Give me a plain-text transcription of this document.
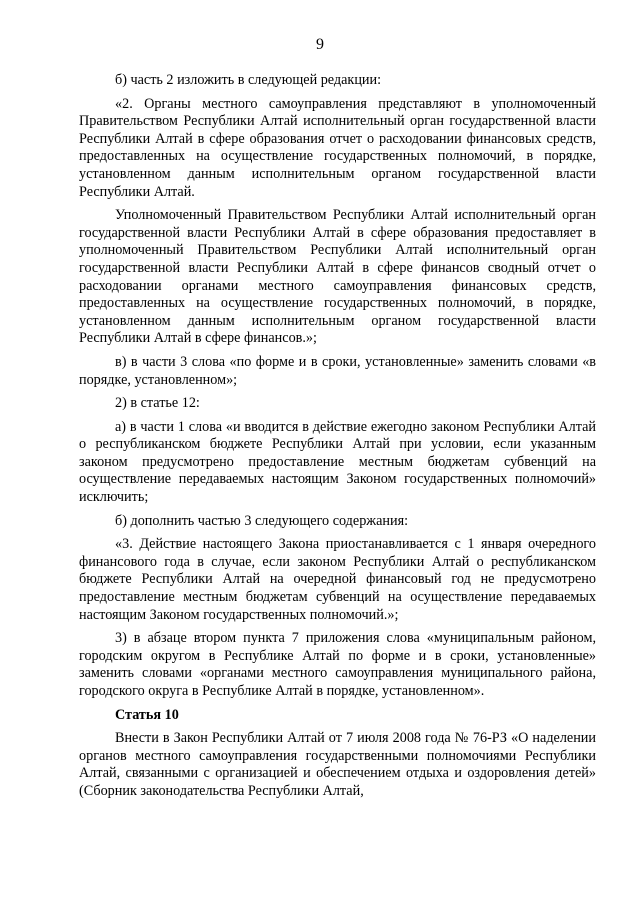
9

б) часть 2 изложить в следующей редакции:

«2. Органы местного самоуправления представляют в уполномоченный Правительством Республики Алтай исполнительный орган государственной власти Республики Алтай в сфере образования отчет о расходовании финансовых средств, предоставленных на осуществление государственных полномочий, в порядке, установленном данным исполнительным органом государственной власти Республики Алтай.

Уполномоченный Правительством Республики Алтай исполнительный орган государственной власти Республики Алтай в сфере образования предоставляет в уполномоченный Правительством Республики Алтай исполнительный орган государственной власти Республики Алтай в сфере финансов сводный отчет о расходовании органами местного самоуправления финансовых средств, предоставленных на осуществление государственных полномочий, в порядке, установленном данным исполнительным органом государственной власти Республики Алтай в сфере финансов.»;

в) в части 3 слова «по форме и в сроки, установленные» заменить словами «в порядке, установленном»;

2) в статье 12:

а) в части 1 слова «и вводится в действие ежегодно законом Республики Алтай о республиканском бюджете Республики Алтай при условии, если указанным законом предусмотрено предоставление местным бюджетам субвенций на осуществление передаваемых настоящим Законом государственных полномочий» исключить;

б) дополнить частью 3 следующего содержания:

«3. Действие настоящего Закона приостанавливается с 1 января очередного финансового года в случае, если законом Республики Алтай о республиканском бюджете Республики Алтай на очередной финансовый год не предусмотрено предоставление местным бюджетам субвенций на осуществление передаваемых настоящим Законом государственных полномочий.»;

3) в абзаце втором пункта 7 приложения слова «муниципальным районом, городским округом в Республике Алтай по форме и в сроки, установленные» заменить словами «органами местного самоуправления муниципального района, городского округа в Республике Алтай в порядке, установленном».

Статья 10

Внести в Закон Республики Алтай от 7 июля 2008 года № 76-РЗ «О наделении органов местного самоуправления государственными полномочиями Республики Алтай, связанными с организацией и обеспечением отдыха и оздоровления детей» (Сборник законодательства Республики Алтай,
